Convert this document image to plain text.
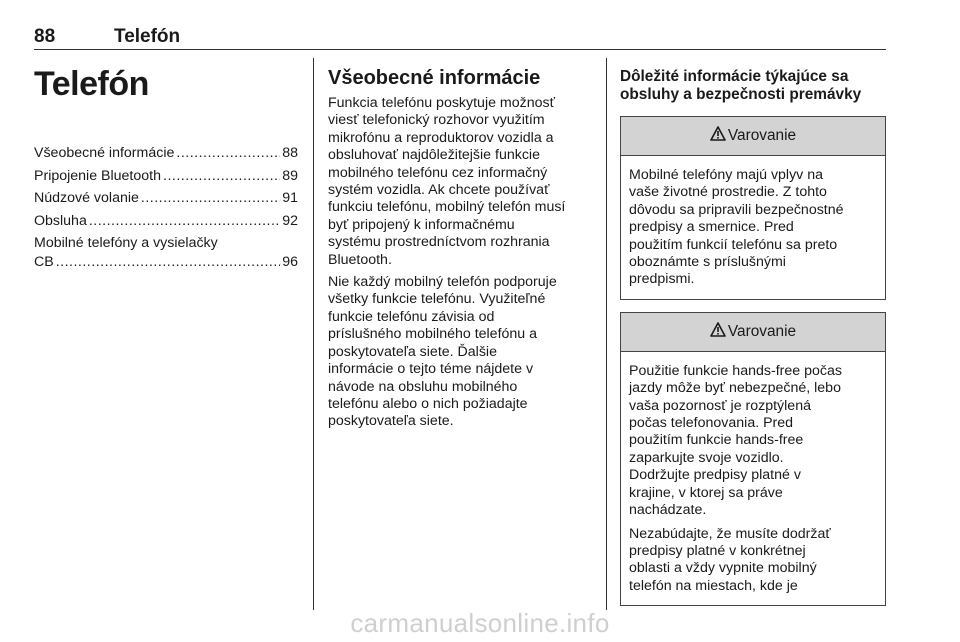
88	Telefón
Telefón
Všeobecné informácie .....	88
Pripojenie Bluetooth .....	89
Núdzové volanie .....	91
Obsluha .....	92
Mobilné telefóny a vysielačky
CB .....	96
Všeobecné informácie

Funkcia telefónu poskytuje možnosť
viesť telefonický rozhovor využitím
mikrofónu a reproduktorov vozidla a
obsluhovať najdôležitejšie funkcie
mobilného telefónu cez informačný
systém vozidla. Ak chcete používať
funkciu telefónu, mobilný telefón musí
byť pripojený k informačnému
systému prostredníctvom rozhrania
Bluetooth.

Nie každý mobilný telefón podporuje
všetky funkcie telefónu. Využiteľné
funkcie telefónu závisia od
príslušného mobilného telefónu a
poskytovateľa siete. Ďalšie
informácie o tejto téme nájdete v
návode na obsluhu mobilného
telefónu alebo o nich požiadajte
poskytovateľa siete.

Dôležité informácie týkajúce sa
obsluhy a bezpečnosti premávky
Varovanie

Mobilné telefóny majú vplyv na
vaše životné prostredie. Z tohto
dôvodu sa pripravili bezpečnostné
predpisy a smernice. Pred
použitím funkcií telefónu sa preto
oboznámte s príslušnými
predpismi.

Varovanie

Použitie funkcie hands-free počas
jazdy môže byť nebezpečné, lebo
vaša pozornosť je rozptýlená
počas telefonovania. Pred
použitím funkcie hands-free
zaparkujte svoje vozidlo.
Dodržujte predpisy platné v
krajine, v ktorej sa práve
nachádzate.

Nezabúdajte, že musíte dodržať
predpisy platné v konkrétnej
oblasti a vždy vypnite mobilný
telefón na miestach, kde je

carmanualsonline.info
